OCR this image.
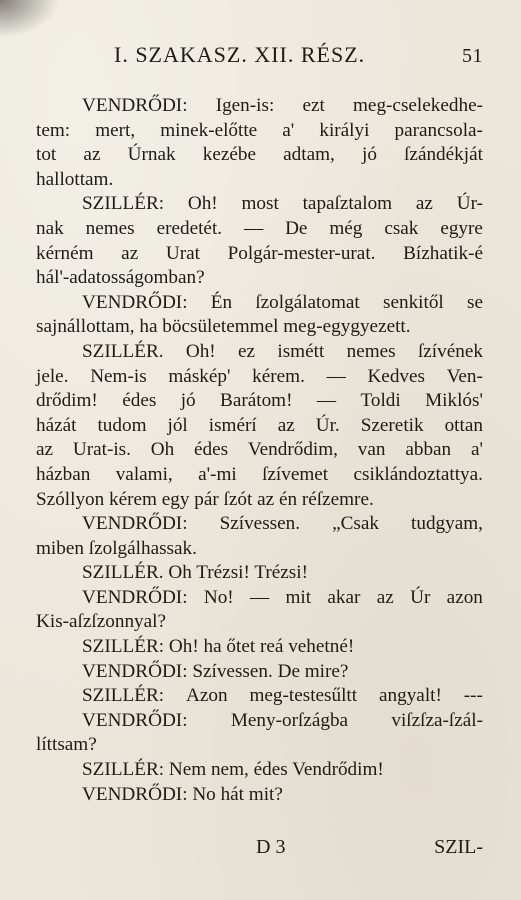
I. SZAKASZ. XII. RÉSZ.	51
VENDRŐDI: Igen-is: ezt meg-cselekedhe-
tem: mert, minek-előtte a' királyi parancsola-
tot az Úrnak kezébe adtam, jó ſzándékját
hallottam.
SZILLÉR: Oh! most tapaſztalom az Úr-
nak nemes eredetét. — De még csak egyre
kérném az Urat Polgár-mester-urat. Bízhatik-é
hál'-adatosságomban?
VENDRŐDI: Én ſzolgálatomat senkitől se
sajnállottam, ha böcsületemmel meg-egygyezett.
SZILLÉR. Oh! ez ismétt nemes ſzívének
jele. Nem-is máskép' kérem. — Kedves Ven-
drődim! édes jó Barátom! — Toldi Miklós'
házát tudom jól ismérí az Úr. Szeretik ottan
az Urat-is. Oh édes Vendrődim, van abban a'
házban valami, a'-mi ſzívemet csiklándoztattya.
Szóllyon kérem egy pár ſzót az én réſzemre.
VENDRŐDI: Szívessen. „Csak tudgyam,
miben ſzolgálhassak.
SZILLÉR. Oh Trézsi! Trézsi!
VENDRŐDI: No! — mit akar az Úr azon
Kis-aſzſzonnyal?
SZILLÉR: Oh! ha őtet reá vehetné!
VENDRŐDI: Szívessen. De mire?
SZILLÉR: Azon meg-testesűltt angyalt! ---
VENDRŐDI: Meny-orſzágba viſzſza-ſzál-
líttsam?
SZILLÉR: Nem nem, édes Vendrődim!
VENDRŐDI: No hát mit?
D 3	SZIL-
